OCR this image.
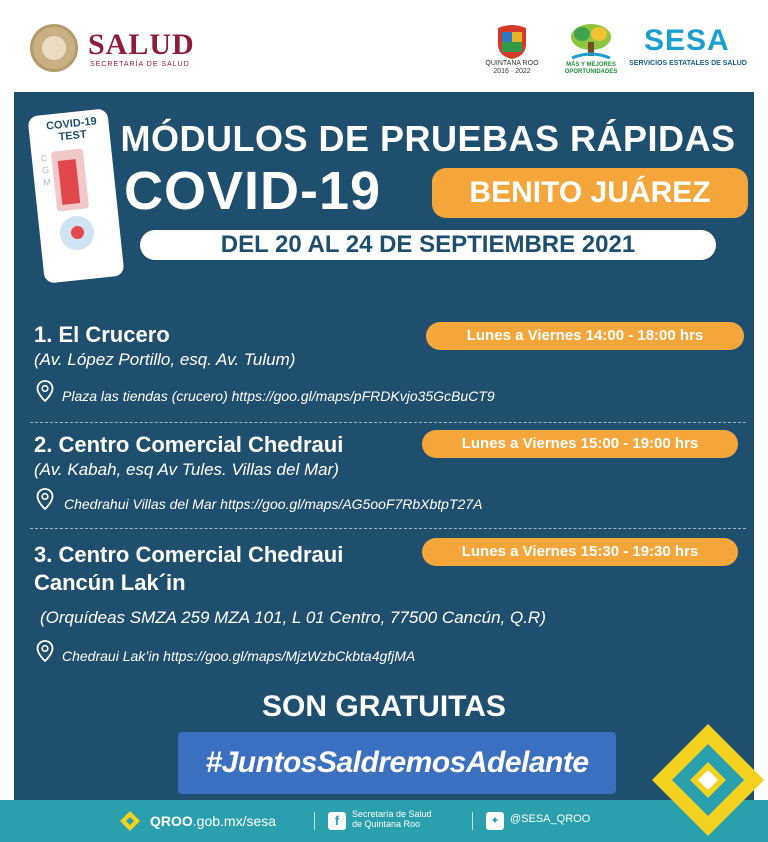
SALUD
SECRETARÍA DE SALUD	QUINTANA ROO
2016 · 2022
MÁS Y MEJORES OPORTUNIDADES
SESA
SERVICIOS ESTATALES DE SALUD
COVID-19 TEST
C G M
MÓDULOS DE PRUEBAS RÁPIDAS
COVID-19	BENITO JUÁREZ
DEL 20 AL 24 DE SEPTIEMBRE 2021
1. El Crucero	Lunes a Viernes 14:00 - 18:00 hrs
(Av. López Portillo, esq. Av. Tulum)
Plaza las tiendas (crucero) https://goo.gl/maps/pFRDKvjo35GcBuCT9
2. Centro Comercial Chedraui	Lunes a Viernes 15:00 - 19:00 hrs
(Av. Kabah, esq Av Tules. Villas del Mar)
Chedrahui Villas del Mar https://goo.gl/maps/AG5ooF7RbXbtpT27A
3. Centro Comercial Chedraui
Cancún Lak´in
Lunes a Viernes 15:30 - 19:30 hrs
(Orquídeas SMZA 259 MZA 101, L 01 Centro, 77500 Cancún, Q.R)
Chedraui Lak’in https://goo.gl/maps/MjzWzbCkbta4gfjMA
SON GRATUITAS
#JuntosSaldremosAdelante
QROO.gob.mx/sesa	f	Secretaría de Salud
de Quintana Roo	✦ @SESA_QROO
